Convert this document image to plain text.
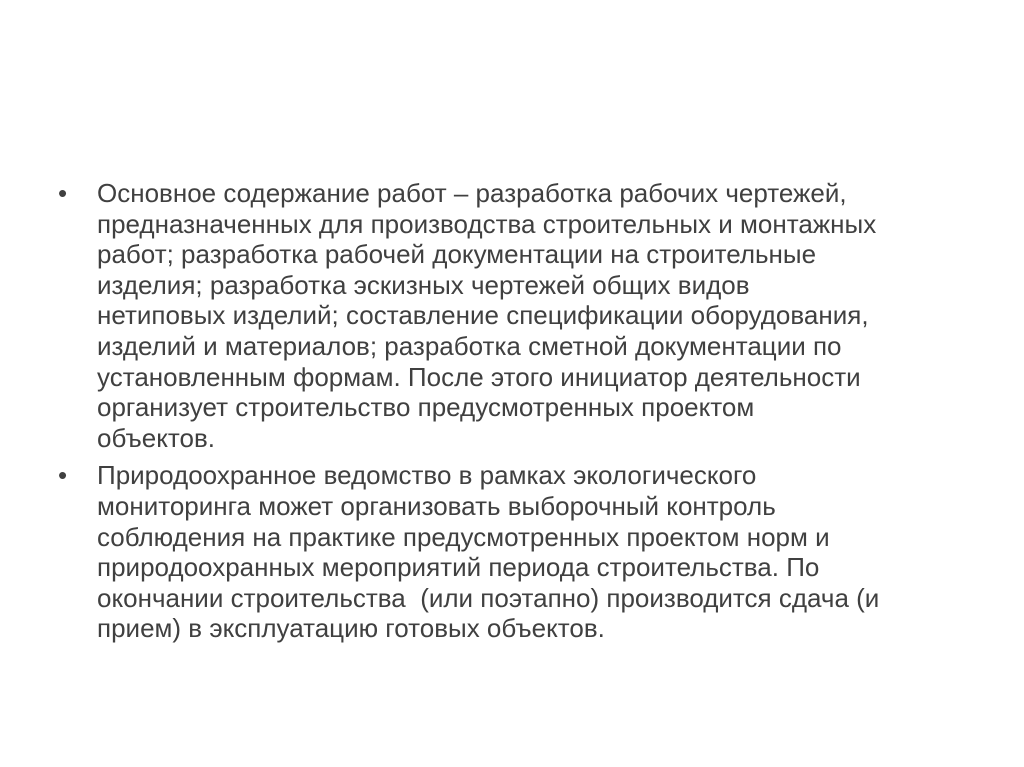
•	Основное содержание работ – разработка рабочих чертежей,
предназначенных для производства строительных и монтажных
работ; разработка рабочей документации на строительные
изделия; разработка эскизных чертежей общих видов
нетиповых изделий; составление спецификации оборудования,
изделий и материалов; разработка сметной документации по
установленным формам. После этого инициатор деятельности
организует строительство предусмотренных проектом
объектов.
•	Природоохранное ведомство в рамках экологического
мониторинга может организовать выборочный контроль
соблюдения на практике предусмотренных проектом норм и
природоохранных мероприятий периода строительства. По
окончании строительства  (или поэтапно) производится сдача (и
прием) в эксплуатацию готовых объектов.
